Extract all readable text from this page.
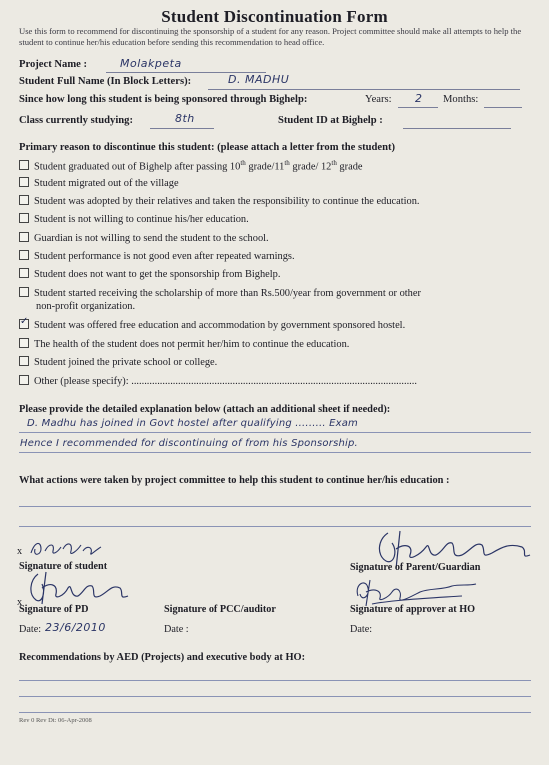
Student Discontinuation Form
Use this form to recommend for discontinuing the sponsorship of a student for any reason. Project committee should make all attempts to help the student to continue her/his education before sending this recommendation to head office.
Project Name :	Molakpeta
Student Full Name (In Block Letters):	D. MADHU
Since how long this student is being sponsored through Bighelp:	Years: 2 Months:
Class currently studying:	8th	Student ID at Bighelp :
Primary reason to discontinue this student: (please attach a letter from the student)
Student graduated out of Bighelp after passing 10th grade/11th grade/ 12th grade
Student migrated out of the village
Student was adopted by their relatives and taken the responsibility to continue the education.
Student is not willing to continue his/her education.
Guardian is not willing to send the student to the school.
Student performance is not good even after repeated warnings.
Student does not want to get the sponsorship from Bighelp.
Student started receiving the scholarship of more than Rs.500/year from government or other
non-profit organization.
✓Student was offered free education and accommodation by government sponsored hostel.
The health of the student does not permit her/him to continue the education.
Student joined the private school or college.
Other (please specify): ..............................................................................................................
Please provide the detailed explanation below (attach an additional sheet if needed):
D. Madhu has joined in Govt hostel after qualifying ......... Exam
Hence I recommended for discontinuing of from his Sponsorship.
What actions were taken by project committee to help this student to continue her/his education :
x
Signature of student	Signature of Parent/Guardian
x
Signature of PD	Signature of PCC/auditor	Signature of approver at HO
Date: 23/6/2010	Date :	Date:
Recommendations by AED (Projects) and executive body at HO:
Rev 0 Rev Dt: 06-Apr-2008
